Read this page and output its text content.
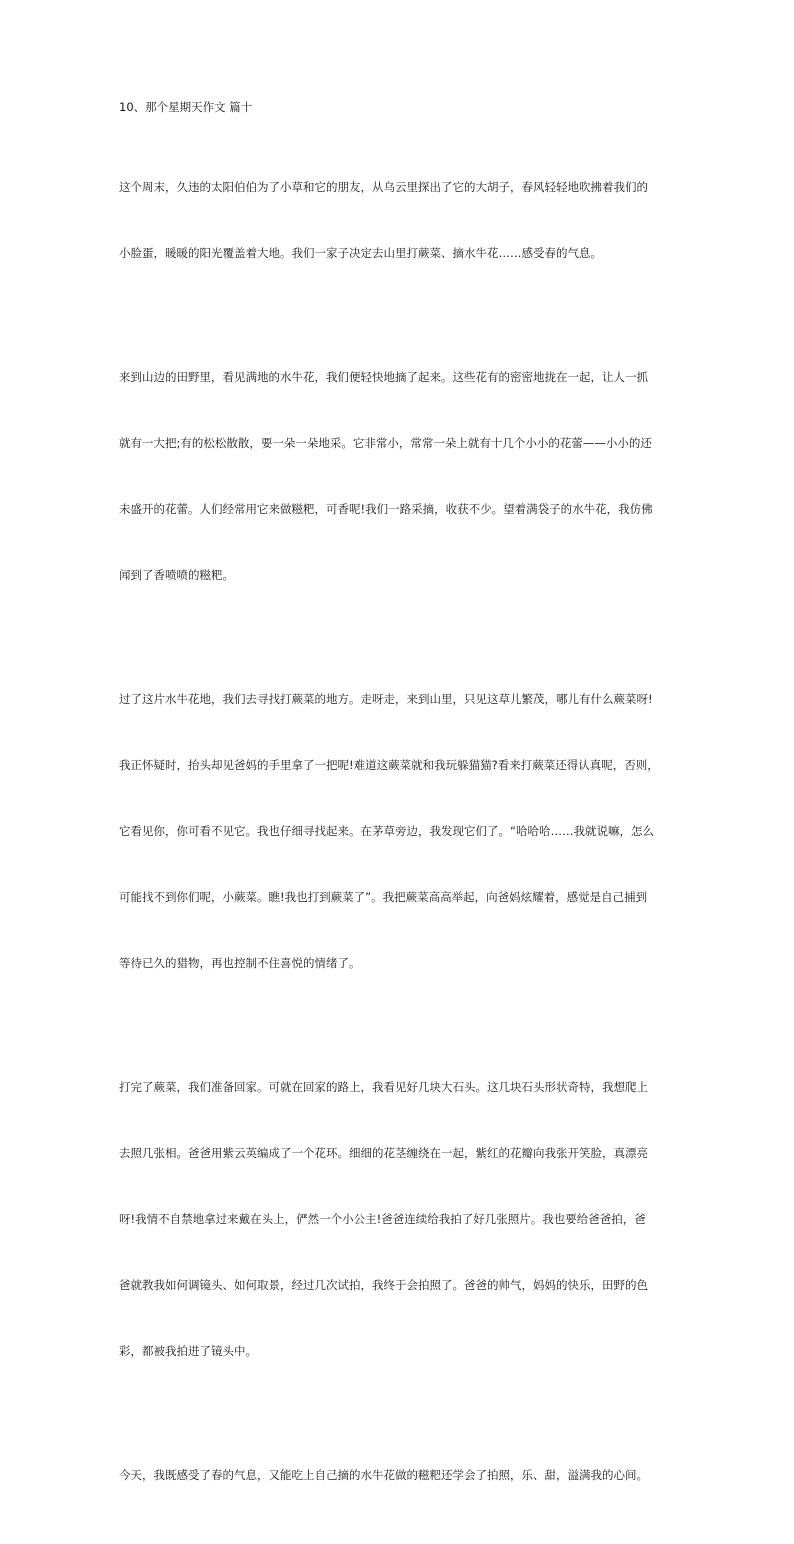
10、那个星期天作文 篇十

这个周末，久违的太阳伯伯为了小草和它的朋友，从乌云里探出了它的大胡子，春风轻轻地吹拂着我们的

小脸蛋，暖暖的阳光覆盖着大地。我们一家子决定去山里打蕨菜、摘水牛花……感受春的气息。

来到山边的田野里，看见满地的水牛花，我们便轻快地摘了起来。这些花有的密密地拢在一起，让人一抓

就有一大把;有的松松散散，要一朵一朵地采。它非常小，常常一朵上就有十几个小小的花蕾——小小的还

未盛开的花蕾。人们经常用它来做糍粑，可香呢!我们一路采摘，收获不少。望着满袋子的水牛花，我仿佛

闻到了香喷喷的糍粑。

过了这片水牛花地，我们去寻找打蕨菜的地方。走呀走，来到山里，只见这草儿繁茂，哪儿有什么蕨菜呀!

我正怀疑时，抬头却见爸妈的手里拿了一把呢!难道这蕨菜就和我玩躲猫猫?看来打蕨菜还得认真呢，否则，

它看见你，你可看不见它。我也仔细寻找起来。在茅草旁边，我发现它们了。“哈哈哈……我就说嘛，怎么

可能找不到你们呢，小蕨菜。瞧!我也打到蕨菜了”。我把蕨菜高高举起，向爸妈炫耀着，感觉是自己捕到

等待已久的猎物，再也控制不住喜悦的情绪了。

打完了蕨菜，我们准备回家。可就在回家的路上，我看见好几块大石头。这几块石头形状奇特，我想爬上

去照几张相。爸爸用紫云英编成了一个花环。细细的花茎缠绕在一起，紫红的花瓣向我张开笑脸，真漂亮

呀!我情不自禁地拿过来戴在头上，俨然一个小公主!爸爸连续给我拍了好几张照片。我也要给爸爸拍，爸

爸就教我如何调镜头、如何取景，经过几次试拍，我终于会拍照了。爸爸的帅气，妈妈的快乐，田野的色

彩，都被我拍进了镜头中。

今天，我既感受了春的气息，又能吃上自己摘的水牛花做的糍粑还学会了拍照，乐、甜，溢满我的心间。
